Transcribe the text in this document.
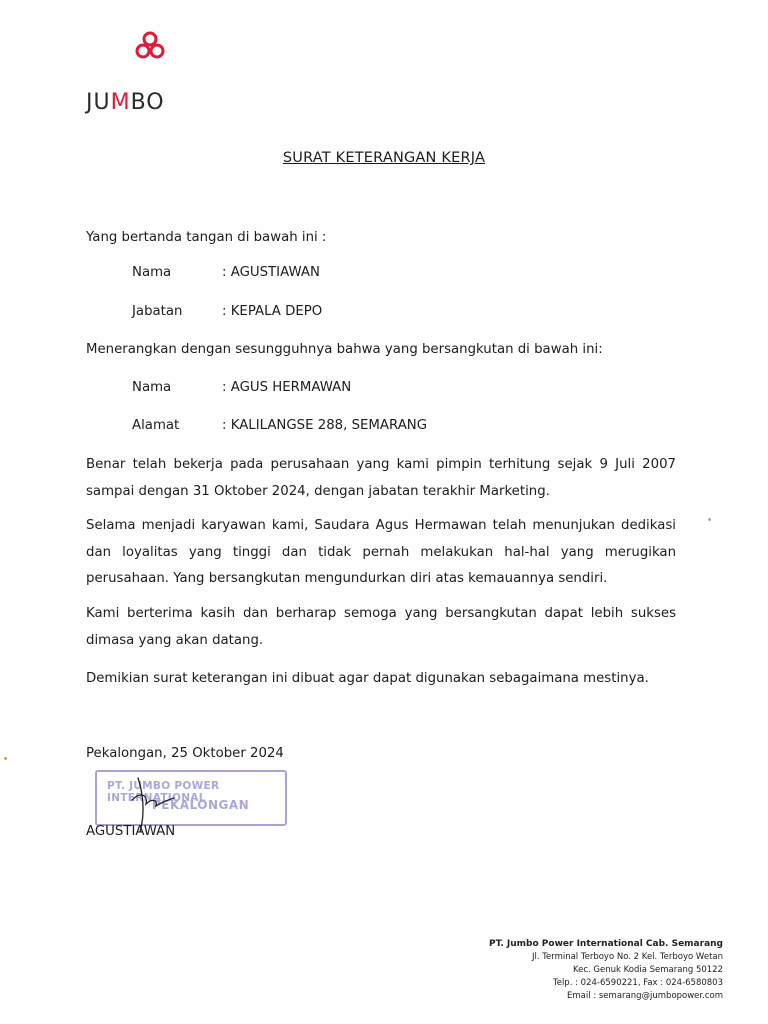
JUMBO
SURAT KETERANGAN KERJA
Yang bertanda tangan di bawah ini :
Nama	: AGUSTIAWAN
Jabatan	: KEPALA DEPO
Menerangkan dengan sesungguhnya bahwa yang bersangkutan di bawah ini:
Nama	: AGUS HERMAWAN
Alamat	: KALILANGSE 288, SEMARANG
Benar telah bekerja pada perusahaan yang kami pimpin terhitung sejak 9 Juli 2007 sampai dengan 31 Oktober 2024, dengan jabatan terakhir Marketing.
Selama menjadi karyawan kami, Saudara Agus Hermawan telah menunjukan dedikasi dan loyalitas yang tinggi dan tidak pernah melakukan hal-hal yang merugikan perusahaan. Yang bersangkutan mengundurkan diri atas kemauannya sendiri.
Kami berterima kasih dan berharap semoga yang bersangkutan dapat lebih sukses dimasa yang akan datang.
Demikian surat keterangan ini dibuat agar dapat digunakan sebagaimana mestinya.
Pekalongan, 25 Oktober 2024
PT. JUMBO POWER INTERNATIONAL
PEKALONGAN
AGUSTIAWAN
PT. Jumbo Power International Cab. Semarang
Jl. Terminal Terboyo No. 2 Kel. Terboyo Wetan
Kec. Genuk Kodia Semarang 50122
Telp. : 024-6590221, Fax : 024-6580803
Email : semarang@jumbopower.com
